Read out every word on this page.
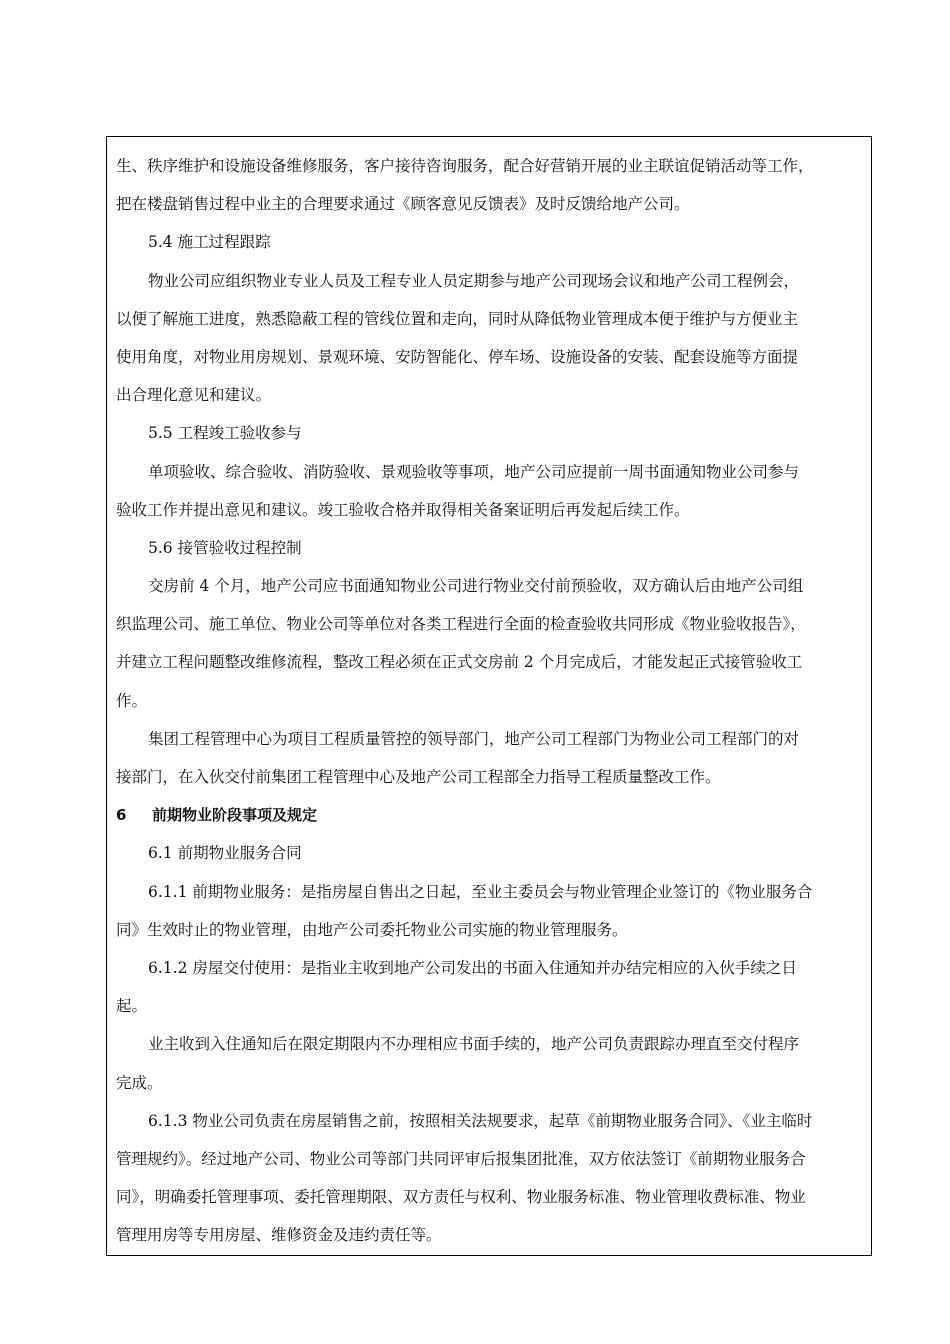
生、秩序维护和设施设备维修服务，客户接待咨询服务，配合好营销开展的业主联谊促销活动等工作，
把在楼盘销售过程中业主的合理要求通过《顾客意见反馈表》及时反馈给地产公司。
5.4 施工过程跟踪
物业公司应组织物业专业人员及工程专业人员定期参与地产公司现场会议和地产公司工程例会，
以便了解施工进度，熟悉隐蔽工程的管线位置和走向，同时从降低物业管理成本便于维护与方便业主
使用角度，对物业用房规划、景观环境、安防智能化、停车场、设施设备的安装、配套设施等方面提
出合理化意见和建议。
5.5 工程竣工验收参与
单项验收、综合验收、消防验收、景观验收等事项，地产公司应提前一周书面通知物业公司参与
验收工作并提出意见和建议。竣工验收合格并取得相关备案证明后再发起后续工作。
5.6 接管验收过程控制
交房前 4 个月，地产公司应书面通知物业公司进行物业交付前预验收，双方确认后由地产公司组
织监理公司、施工单位、物业公司等单位对各类工程进行全面的检查验收共同形成《物业验收报告》，
并建立工程问题整改维修流程，整改工程必须在正式交房前 2 个月完成后，才能发起正式接管验收工
作。
集团工程管理中心为项目工程质量管控的领导部门，地产公司工程部门为物业公司工程部门的对
接部门，在入伙交付前集团工程管理中心及地产公司工程部全力指导工程质量整改工作。
6 前期物业阶段事项及规定
6.1 前期物业服务合同
6.1.1 前期物业服务：是指房屋自售出之日起，至业主委员会与物业管理企业签订的《物业服务合
同》生效时止的物业管理，由地产公司委托物业公司实施的物业管理服务。
6.1.2 房屋交付使用：是指业主收到地产公司发出的书面入住通知并办结完相应的入伙手续之日
起。
业主收到入住通知后在限定期限内不办理相应书面手续的，地产公司负责跟踪办理直至交付程序
完成。
6.1.3 物业公司负责在房屋销售之前，按照相关法规要求，起草《前期物业服务合同》、《业主临时
管理规约》。经过地产公司、物业公司等部门共同评审后报集团批准，双方依法签订《前期物业服务合
同》，明确委托管理事项、委托管理期限、双方责任与权利、物业服务标准、物业管理收费标准、物业
管理用房等专用房屋、维修资金及违约责任等。
